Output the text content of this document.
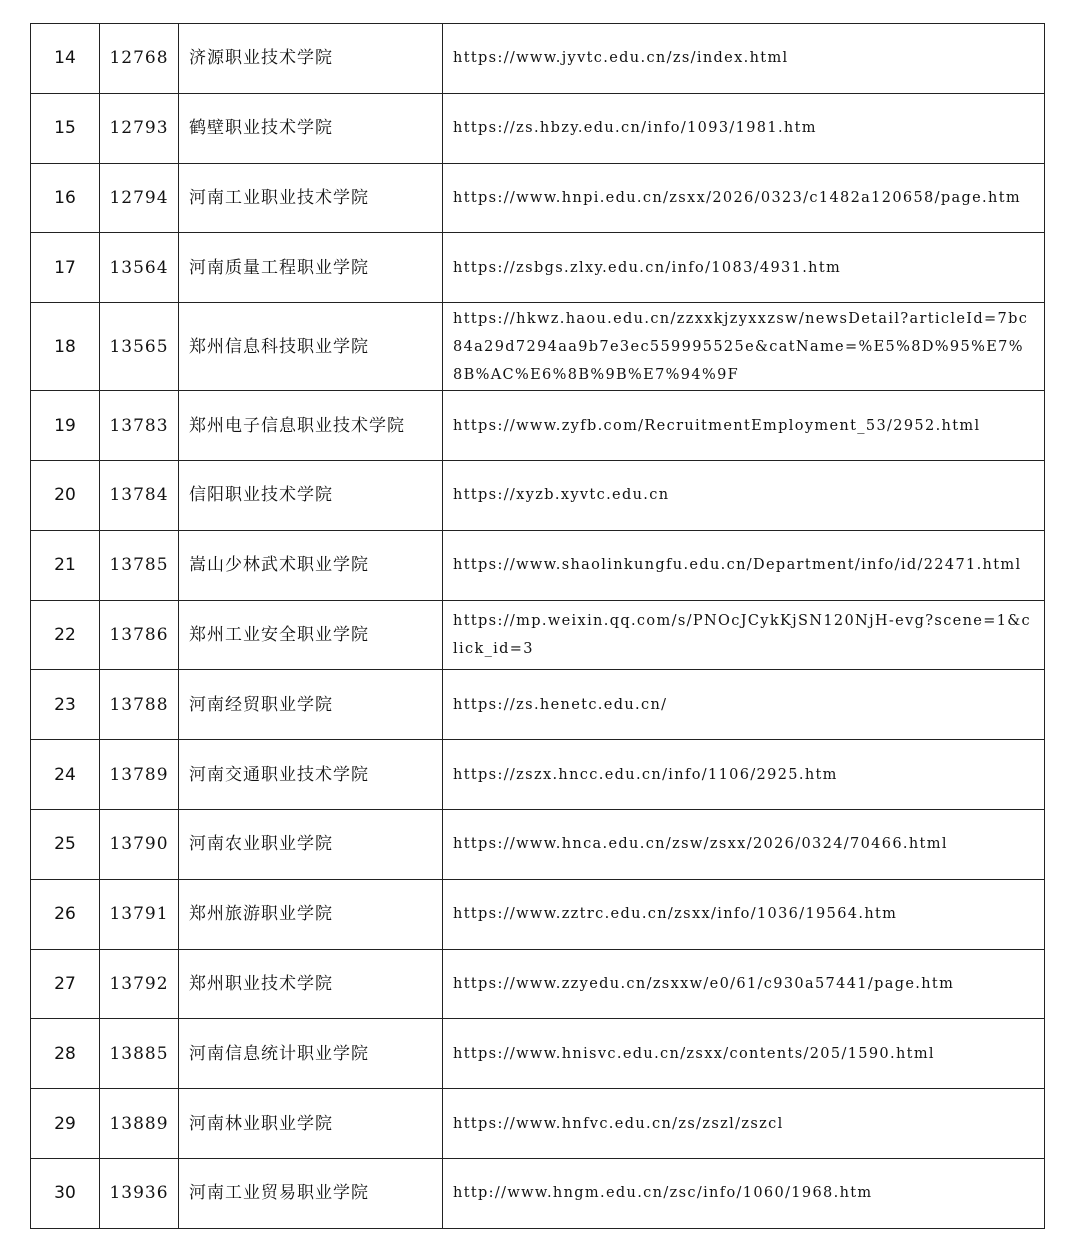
14	12768	济源职业技术学院	https://www.jyvtc.edu.cn/zs/index.html
15	12793	鹤壁职业技术学院	https://zs.hbzy.edu.cn/info/1093/1981.htm
16	12794	河南工业职业技术学院	https://www.hnpi.edu.cn/zsxx/2026/0323/c1482a120658/page.htm
17	13564	河南质量工程职业学院	https://zsbgs.zlxy.edu.cn/info/1083/4931.htm
18	13565	郑州信息科技职业学院	https://hkwz.haou.edu.cn/zzxxkjzyxxzsw/newsDetail?articleId=7bc84a29d7294aa9b7e3ec559995525e&catName=%E5%8D%95%E7%8B%AC%E6%8B%9B%E7%94%9F
19	13783	郑州电子信息职业技术学院	https://www.zyfb.com/RecruitmentEmployment_53/2952.html
20	13784	信阳职业技术学院	https://xyzb.xyvtc.edu.cn
21	13785	嵩山少林武术职业学院	https://www.shaolinkungfu.edu.cn/Department/info/id/22471.html
22	13786	郑州工业安全职业学院	https://mp.weixin.qq.com/s/PNOcJCykKjSN120NjH-evg?scene=1&click_id=3
23	13788	河南经贸职业学院	https://zs.henetc.edu.cn/
24	13789	河南交通职业技术学院	https://zszx.hncc.edu.cn/info/1106/2925.htm
25	13790	河南农业职业学院	https://www.hnca.edu.cn/zsw/zsxx/2026/0324/70466.html
26	13791	郑州旅游职业学院	https://www.zztrc.edu.cn/zsxx/info/1036/19564.htm
27	13792	郑州职业技术学院	https://www.zzyedu.cn/zsxxw/e0/61/c930a57441/page.htm
28	13885	河南信息统计职业学院	https://www.hnisvc.edu.cn/zsxx/contents/205/1590.html
29	13889	河南林业职业学院	https://www.hnfvc.edu.cn/zs/zszl/zszcl
30	13936	河南工业贸易职业学院	http://www.hngm.edu.cn/zsc/info/1060/1968.htm
